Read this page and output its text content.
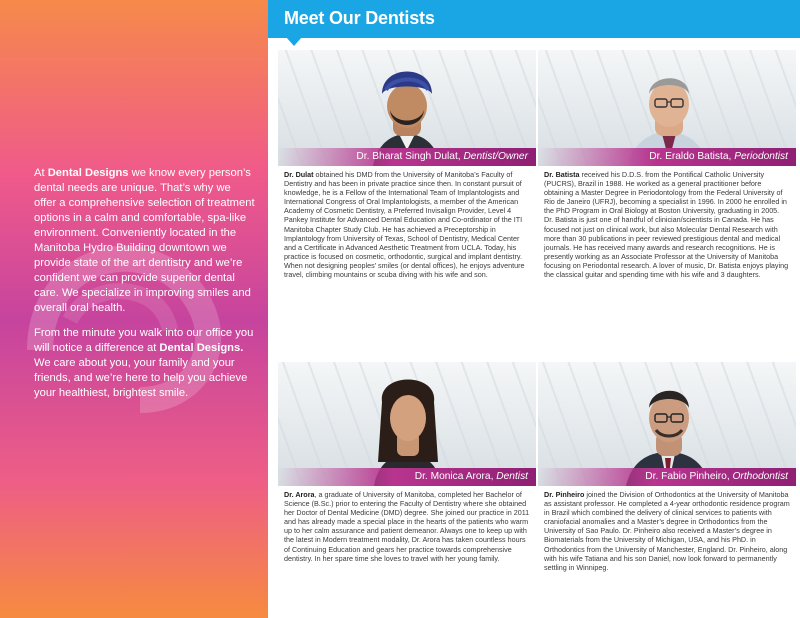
At Dental Designs we know every person’s dental needs are unique. That’s why we offer a comprehensive selection of treatment options in a calm and comfortable, spa-like environment. Conveniently located in the Manitoba Hydro Building downtown we provide state of the art dentistry and we’re confident we can provide superior dental care. We specialize in improving smiles and overall oral health.

From the minute you walk into our office you will notice a difference at Dental Designs. We care about you, your family and your friends, and we’re here to help you achieve your healthiest, brightest smile.

Meet Our Dentists
Dr. Bharat Singh Dulat, Dentist/Owner
Dr. Dulat obtained his DMD from the University of Manitoba’s Faculty of Dentistry and has been in private practice since then. In constant pursuit of knowledge, he is a Fellow of the International Team of Implantologists and International Congress of Oral Implantologists, a member of the American Academy of Cosmetic Dentistry, a Preferred Invisalign Provider, Level 4 Pankey Institute for Advanced Dental Education and Co-ordinator of the ITI Manitoba Chapter Study Club. He has achieved a Preceptorship in Implantology from University of Texas, School of Dentistry, Medical Center and a Certificate in Advanced Aesthetic Treatment from UCLA. Today, his practice is focused on cosmetic, orthodontic, surgical and implant dentistry. When not designing peoples’ smiles (or dental offices), he enjoys adventure travel, climbing mountains or scuba diving with his wife and son.
Dr. Eraldo Batista, Periodontist
Dr. Batista received his D.D.S. from the Pontifical Catholic University (PUCRS), Brazil in 1988. He worked as a general practitioner before obtaining a Master Degree in Periodontology from the Federal University of Rio de Janeiro (UFRJ), becoming a specialist in 1996. In 2000 he enrolled in the PhD Program in Oral Biology at Boston University, graduating in 2005. Dr. Batista is just one of handful of clinician/scientists in Canada. He has focused not just on clinical work, but also Molecular Dental Research with more than 30 publications in peer reviewed prestigious dental and medical journals. He has received many awards and research recognitions. He is presently working as an Associate Professor at the University of Manitoba focusing on Periodontal research. A lover of music, Dr. Batista enjoys playing the classical guitar and spending time with his wife and 3 daughters.
Dr. Monica Arora, Dentist
Dr. Arora, a graduate of University of Manitoba, completed her Bachelor of Science (B.Sc.) prior to entering the Faculty of Dentistry where she obtained her Doctor of Dental Medicine (DMD) degree. She joined our practice in 2011 and has already made a special place in the hearts of the patients who warm up to her calm assurance and patient demeanor. Always one to keep up with the latest in Modern treatment modality, Dr. Arora has taken countless hours of Continuing Education and gears her practice towards comprehensive dentistry. In her spare time she loves to travel with her young family.
Dr. Fabio Pinheiro, Orthodontist
Dr. Pinheiro joined the Division of Orthodontics at the University of Manitoba as assistant professor. He completed a 4-year orthodontic residence program in Brazil which combined the delivery of clinical services to patients with craniofacial anomalies and a Master’s degree in Orthodontics from the University of Sao Paulo. Dr. Pinheiro also received a Master’s degree in Biomaterials from the University of Michigan, USA, and his PhD. in Orthodontics from the University of Manchester, England. Dr. Pinheiro, along with his wife Tatiana and his son Daniel, now look forward to permanently settling in Winnipeg.
